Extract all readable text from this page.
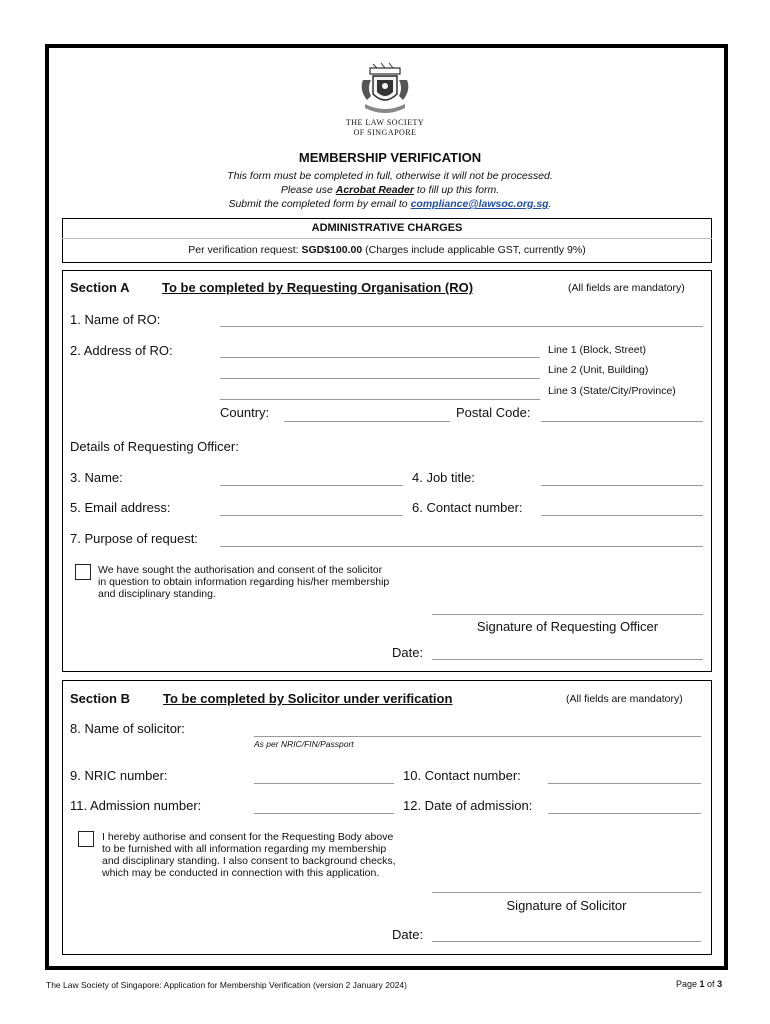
THE LAW SOCIETY
OF SINGAPORE
MEMBERSHIP VERIFICATION
This form must be completed in full, otherwise it will not be processed.
Please use Acrobat Reader to fill up this form.
Submit the completed form by email to compliance@lawsoc.org.sg.
ADMINISTRATIVE CHARGES
Per verification request: SGD$100.00 (Charges include applicable GST, currently 9%)
Section A	To be completed by Requesting Organisation (RO)	(All fields are mandatory)
1. Name of RO:
2. Address of RO:	Line 1 (Block, Street)
Line 2 (Unit, Building)
Line 3 (State/City/Province)
Country:	Postal Code:
Details of Requesting Officer:
3. Name:	4. Job title:
5. Email address:	6. Contact number:
7. Purpose of request:
We have sought the authorisation and consent of the solicitor
in question to obtain information regarding his/her membership
and disciplinary standing.
Signature of Requesting Officer
Date:
Section B	To be completed by Solicitor under verification	(All fields are mandatory)
8. Name of solicitor:
As per NRIC/FIN/Passport
9. NRIC number:	10. Contact number:
11. Admission number:	12. Date of admission:
I hereby authorise and consent for the Requesting Body above
to be furnished with all information regarding my membership
and disciplinary standing. I also consent to background checks,
which may be conducted in connection with this application.
Signature of Solicitor
Date:
The Law Society of Singapore: Application for Membership Verification (version 2 January 2024)	Page 1 of 3
